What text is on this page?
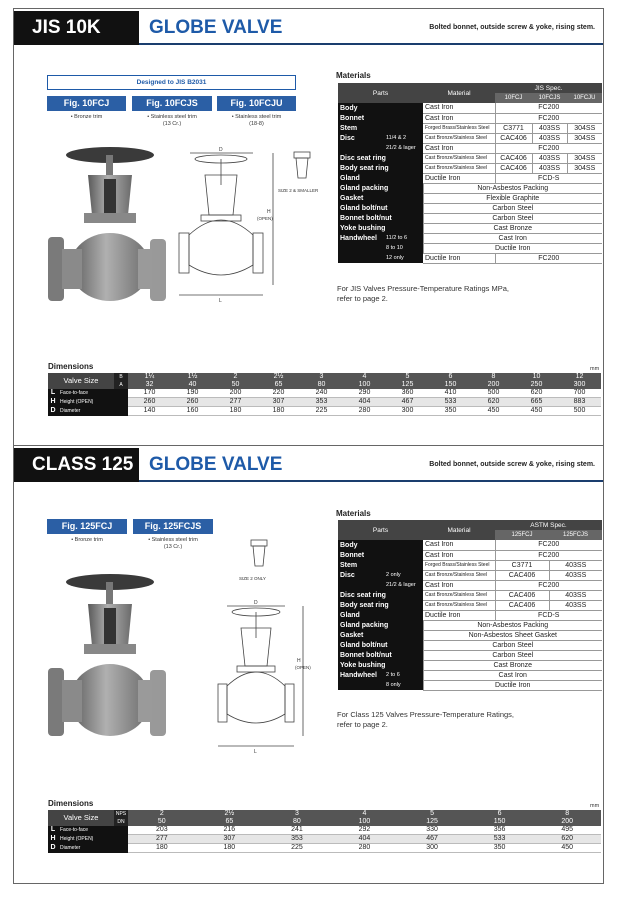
JIS 10K	GLOBE VALVE	Bolted bonnet, outside screw & yoke, rising stem.
Designed to JIS B2031
Fig. 10FCJ	Fig. 10FCJS	Fig. 10FCJU
• Bronze trim	• Stainless steel trim
(13 Cr.)
• Stainless steel trim
(18-8)
D
L
H
(OPEN)
SIZE 2 & SMALLER
Materials
Parts		Material	JIS Spec.		
			10FCJ	10FCJS	10FCJU
Body		Cast Iron	FC200		
Bonnet		Cast Iron	FC200		
Stem		Forged Brass/Stainless Steel	C3771	403SS	304SS
Disc	11/4 & 2	Cast Bronze/Stainless Steel	CAC406	403SS	304SS
	21/2 & lager	Cast Iron	FC200		
Disc seat ring		Cast Bronze/Stainless Steel	CAC406	403SS	304SS
Body seat ring		Cast Bronze/Stainless Steel	CAC406	403SS	304SS
Gland		Ductile Iron	FCD-S		
Gland packing		Non-Asbestos Packing			
Gasket		Flexible Graphite			
Gland bolt/nut		Carbon Steel			
Bonnet bolt/nut		Carbon Steel			
Yoke bushing		Cast Bronze			
Handwheel	11/2 to 6	Cast Iron			
	8 to 10	Ductile Iron			
	12 only	Ductile Iron	FC200		
For JIS Valves Pressure-Temperature Ratings MPa,
refer to page 2.
Dimensions	mm
Valve Size		B	1¼	1½	2	2½	3	4	5	6	8	10	12
		A	32	40	50	65	80	100	125	150	200	250	300
L	Face-to-face		170	190	200	220	240	290	360	410	500	620	700
H	Height (OPEN)		260	260	277	307	353	404	467	533	620	665	883
D	Diameter		140	160	180	180	225	280	300	350	450	450	500
CLASS 125 GLOBE VALVE	Bolted bonnet, outside screw & yoke, rising stem.
Fig. 125FCJ	Fig. 125FCJS
• Bronze trim	• Stainless steel trim
(13 Cr.)
D
L
H
(OPEN)
SIZE 2 ONLY
Materials
Parts		Material	ASTM Spec.	
			125FCJ	125FCJS
Body		Cast Iron	FC200	
Bonnet		Cast Iron	FC200	
Stem		Forged Brass/Stainless Steel	C3771	403SS
Disc	2 only	Cast Bronze/Stainless Steel	CAC406	403SS
	21/2 & lager	Cast Iron	FC200	
Disc seat ring		Cast Bronze/Stainless Steel	CAC406	403SS
Body seat ring		Cast Bronze/Stainless Steel	CAC406	403SS
Gland		Ductile Iron	FCD-S	
Gland packing		Non-Asbestos Packing		
Gasket		Non-Asbestos Sheet Gasket		
Gland bolt/nut		Carbon Steel		
Bonnet bolt/nut		Carbon Steel		
Yoke bushing		Cast Bronze		
Handwheel	2 to 6	Cast Iron		
	8 only	Ductile Iron		
For Class 125 Valves Pressure-Temperature Ratings,
refer to page 2.
Dimensions	mm
Valve Size		NPS	2	2½	3	4	5	6	8
		DN	50	65	80	100	125	150	200
L	Face-to-face		203	216	241	292	330	356	495
H	Height (OPEN)		277	307	353	404	467	533	620
D	Diameter		180	180	225	280	300	350	450
